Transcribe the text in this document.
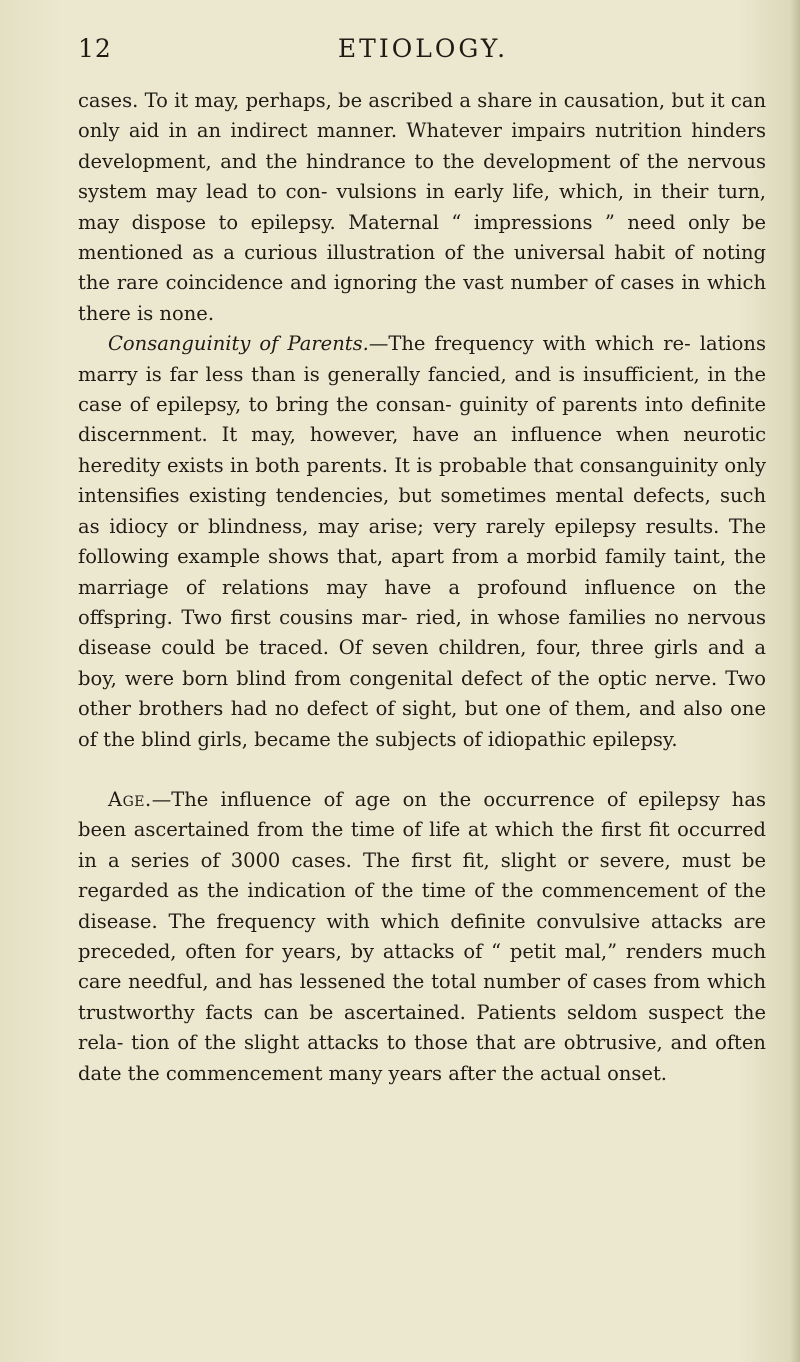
12	ETIOLOGY.

cases. To it may, perhaps, be ascribed a share in causation, but it can only aid in an indirect manner. Whatever impairs nutrition hinders development, and the hindrance to the development of the nervous system may lead to con- vulsions in early life, which, in their turn, may dispose to epilepsy. Maternal “ impressions ” need only be mentioned as a curious illustration of the universal habit of noting the rare coincidence and ignoring the vast number of cases in which there is none.

Consanguinity of Parents.—The frequency with which re- lations marry is far less than is generally fancied, and is insufficient, in the case of epilepsy, to bring the consan- guinity of parents into definite discernment. It may, however, have an influence when neurotic heredity exists in both parents. It is probable that consanguinity only intensifies existing tendencies, but sometimes mental defects, such as idiocy or blindness, may arise; very rarely epilepsy results. The following example shows that, apart from a morbid family taint, the marriage of relations may have a profound influence on the offspring. Two first cousins mar- ried, in whose families no nervous disease could be traced. Of seven children, four, three girls and a boy, were born blind from congenital defect of the optic nerve. Two other brothers had no defect of sight, but one of them, and also one of the blind girls, became the subjects of idiopathic epilepsy.

Age.—The influence of age on the occurrence of epilepsy has been ascertained from the time of life at which the first fit occurred in a series of 3000 cases. The first fit, slight or severe, must be regarded as the indication of the time of the commencement of the disease. The frequency with which definite convulsive attacks are preceded, often for years, by attacks of “ petit mal,” renders much care needful, and has lessened the total number of cases from which trustworthy facts can be ascertained. Patients seldom suspect the rela- tion of the slight attacks to those that are obtrusive, and often date the commencement many years after the actual onset.
